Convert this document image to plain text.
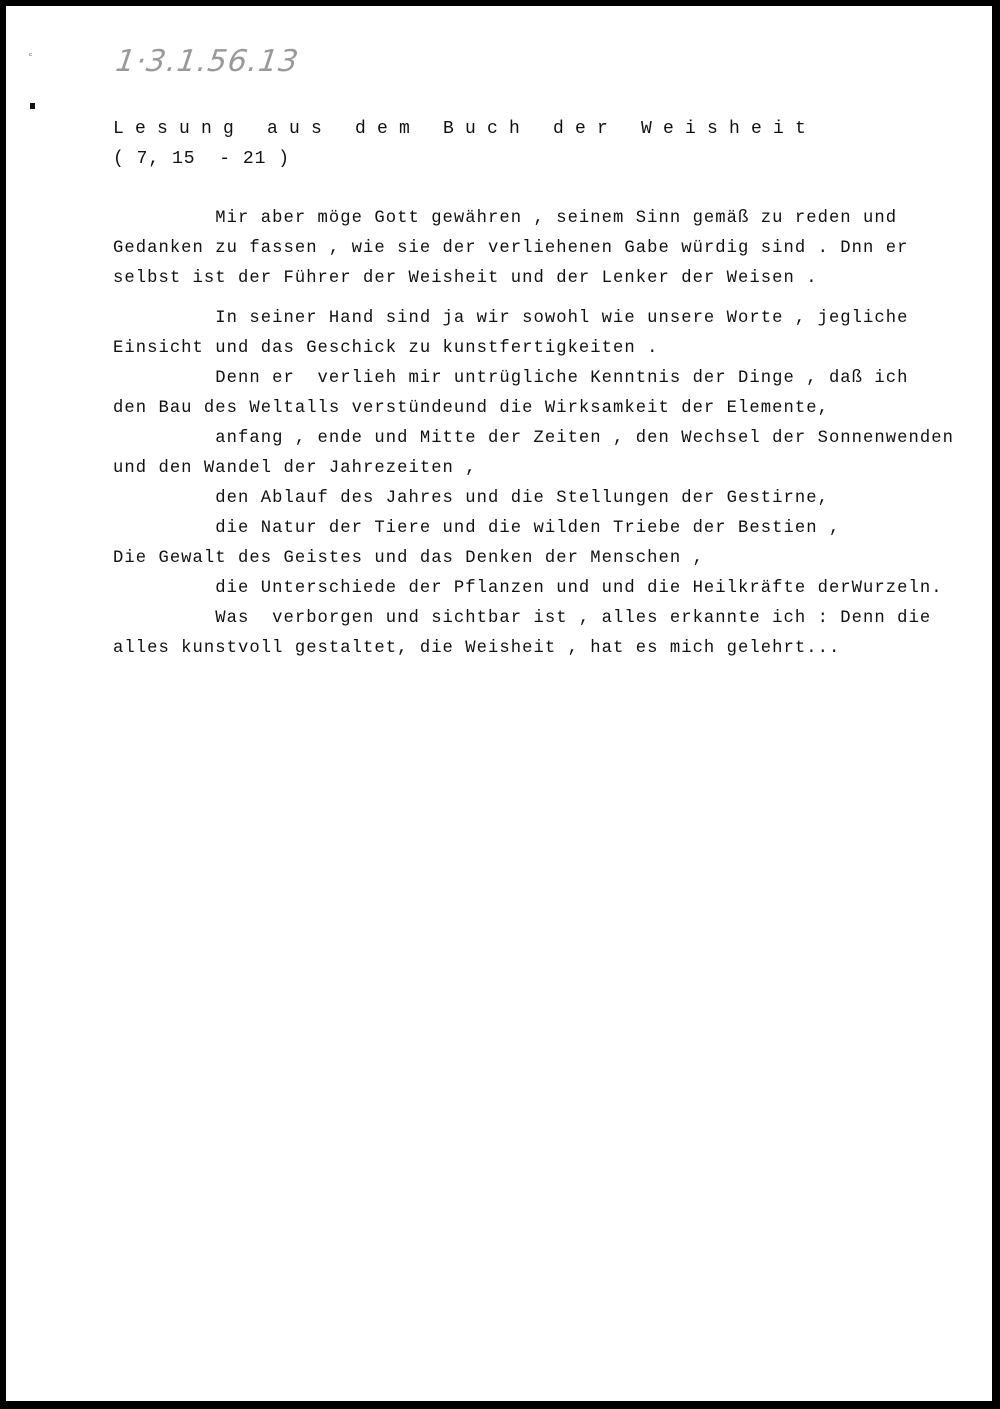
ᶜ	1·3.1.56.13
Lesung aus dem Buch der Weisheit
( 7, 15  - 21 )
Mir aber möge Gott gewähren , seinem Sinn gemäß zu reden und
Gedanken zu fassen , wie sie der verliehenen Gabe würdig sind . Dnn er
selbst ist der Führer der Weisheit und der Lenker der Weisen .
In seiner Hand sind ja wir sowohl wie unsere Worte , jegliche
Einsicht und das Geschick zu kunstfertigkeiten .
Denn er  verlieh mir untrügliche Kenntnis der Dinge , daß ich
den Bau des Weltalls verstündeund die Wirksamkeit der Elemente,
anfang , ende und Mitte der Zeiten , den Wechsel der Sonnenwenden
und den Wandel der Jahrezeiten ,
den Ablauf des Jahres und die Stellungen der Gestirne,
die Natur der Tiere und die wilden Triebe der Bestien ,
Die Gewalt des Geistes und das Denken der Menschen ,
die Unterschiede der Pflanzen und und die Heilkräfte derWurzeln.
Was  verborgen und sichtbar ist , alles erkannte ich : Denn die
alles kunstvoll gestaltet, die Weisheit , hat es mich gelehrt...
